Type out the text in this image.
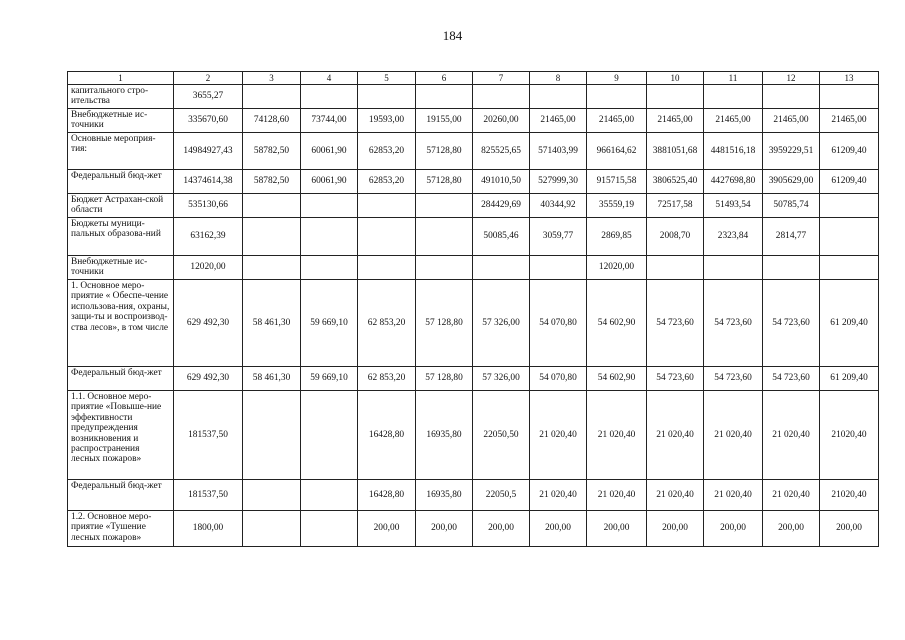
184
1	2	3	4	5	6	7	8	9	10	11	12	13
капитального стро-ительства	3655,27											
Внебюджетные ис-точники	335670,60	74128,60	73744,00	19593,00	19155,00	20260,00	21465,00	21465,00	21465,00	21465,00	21465,00	21465,00
Основные мероприя-тия:	14984927,43	58782,50	60061,90	62853,20	57128,80	825525,65	571403,99	966164,62	3881051,68	4481516,18	3959229,51	61209,40
Федеральный бюд-жет	14374614,38	58782,50	60061,90	62853,20	57128,80	491010,50	527999,30	915715,58	3806525,40	4427698,80	3905629,00	61209,40
Бюджет Астрахан-ской области	535130,66					284429,69	40344,92	35559,19	72517,58	51493,54	50785,74	
Бюджеты муници-пальных образова-ний	63162,39					50085,46	3059,77	2869,85	2008,70	2323,84	2814,77	
Внебюджетные ис-точники	12020,00							12020,00				
1. Основное меро-приятие « Обеспе-чение использова-ния, охраны, защи-ты и воспроизвод-ства лесов», в том числе	629 492,30	58 461,30	59 669,10	62 853,20	57 128,80	57 326,00	54 070,80	54 602,90	54 723,60	54 723,60	54 723,60	61 209,40
Федеральный бюд-жет	629 492,30	58 461,30	59 669,10	62 853,20	57 128,80	57 326,00	54 070,80	54 602,90	54 723,60	54 723,60	54 723,60	61 209,40
1.1. Основное меро-приятие «Повыше-ние эффективности предупреждения возникновения и распространения лесных пожаров»	181537,50			16428,80	16935,80	22050,50	21 020,40	21 020,40	21 020,40	21 020,40	21 020,40	21020,40
Федеральный бюд-жет	181537,50			16428,80	16935,80	22050,5	21 020,40	21 020,40	21 020,40	21 020,40	21 020,40	21020,40
1.2. Основное меро-приятие «Тушение лесных пожаров»	1800,00			200,00	200,00	200,00	200,00	200,00	200,00	200,00	200,00	200,00
